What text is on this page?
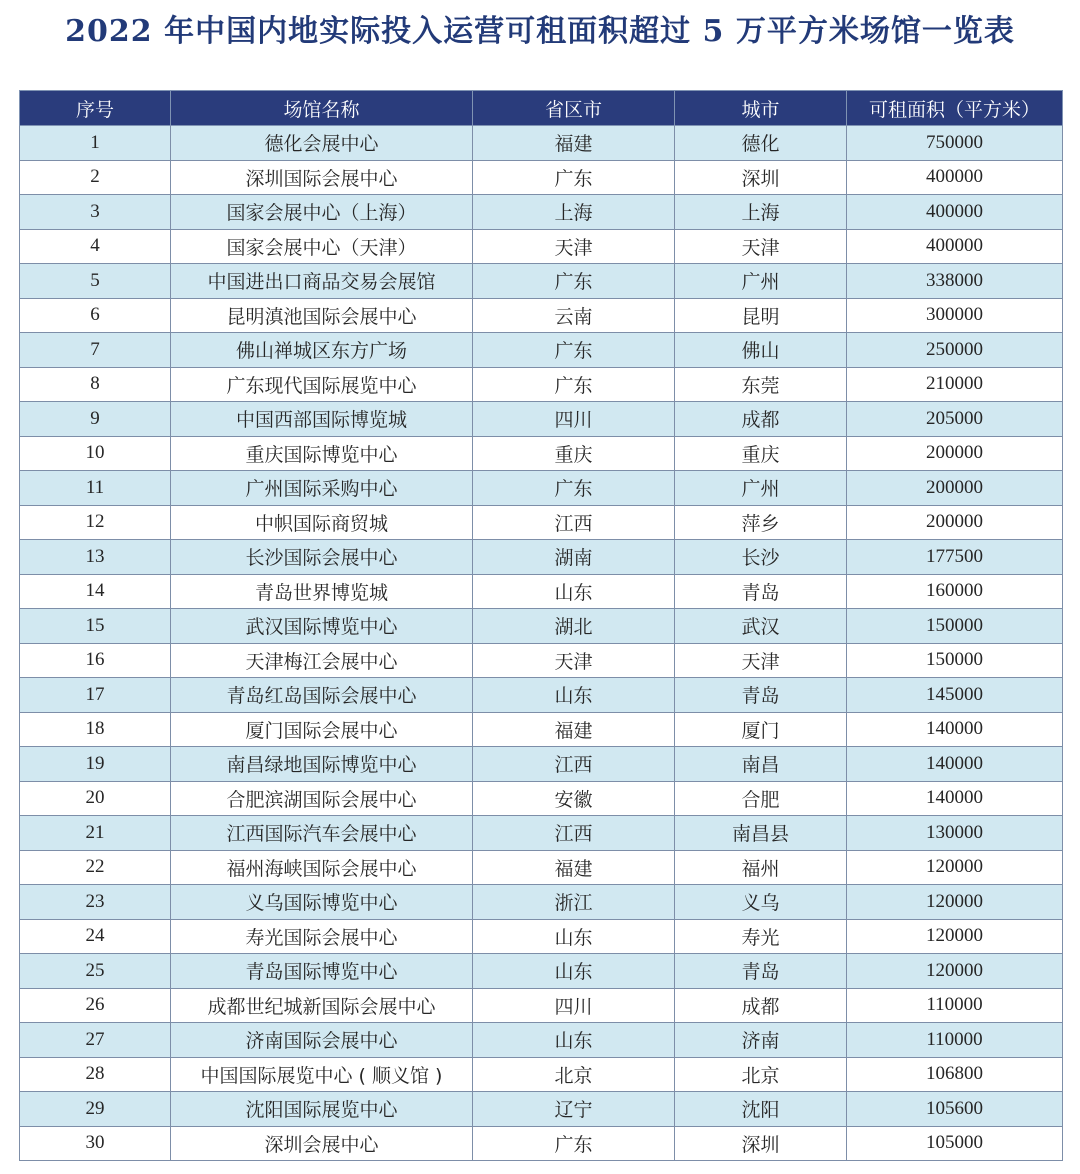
2022 年中国内地实际投入运营可租面积超过 5 万平方米场馆一览表
序号	场馆名称	省区市	城市	可租面积（平方米）
1	德化会展中心	福建	德化	750000
2	深圳国际会展中心	广东	深圳	400000
3	国家会展中心（上海）	上海	上海	400000
4	国家会展中心（天津）	天津	天津	400000
5	中国进出口商品交易会展馆	广东	广州	338000
6	昆明滇池国际会展中心	云南	昆明	300000
7	佛山禅城区东方广场	广东	佛山	250000
8	广东现代国际展览中心	广东	东莞	210000
9	中国西部国际博览城	四川	成都	205000
10	重庆国际博览中心	重庆	重庆	200000
11	广州国际采购中心	广东	广州	200000
12	中帜国际商贸城	江西	萍乡	200000
13	长沙国际会展中心	湖南	长沙	177500
14	青岛世界博览城	山东	青岛	160000
15	武汉国际博览中心	湖北	武汉	150000
16	天津梅江会展中心	天津	天津	150000
17	青岛红岛国际会展中心	山东	青岛	145000
18	厦门国际会展中心	福建	厦门	140000
19	南昌绿地国际博览中心	江西	南昌	140000
20	合肥滨湖国际会展中心	安徽	合肥	140000
21	江西国际汽车会展中心	江西	南昌县	130000
22	福州海峡国际会展中心	福建	福州	120000
23	义乌国际博览中心	浙江	义乌	120000
24	寿光国际会展中心	山东	寿光	120000
25	青岛国际博览中心	山东	青岛	120000
26	成都世纪城新国际会展中心	四川	成都	110000
27	济南国际会展中心	山东	济南	110000
28	中国国际展览中心 ( 顺义馆 )	北京	北京	106800
29	沈阳国际展览中心	辽宁	沈阳	105600
30	深圳会展中心	广东	深圳	105000
